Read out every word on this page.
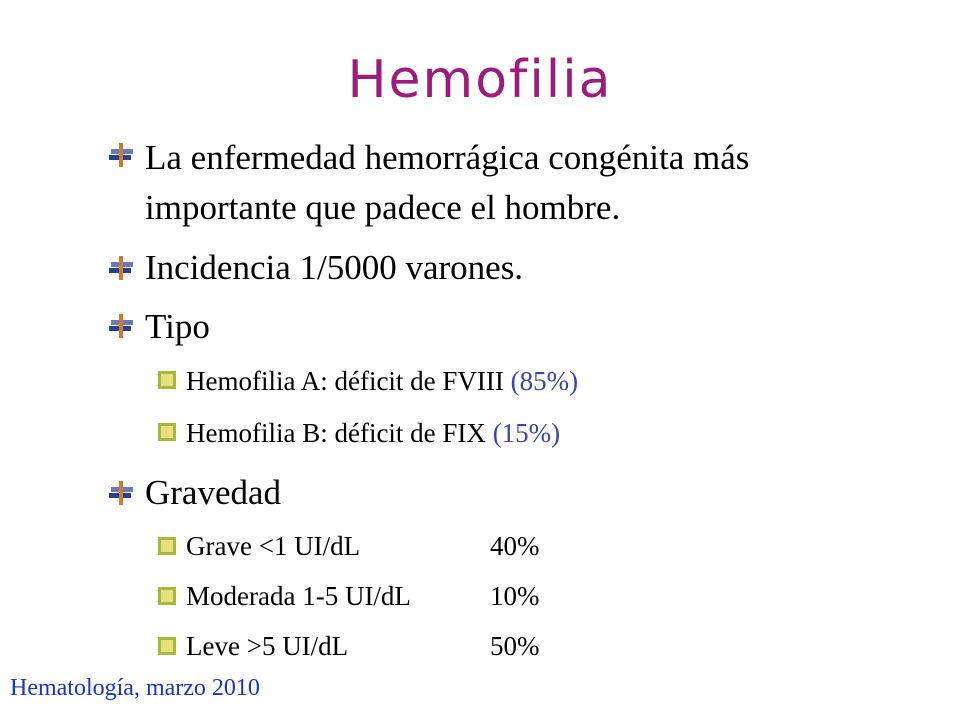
Hemofilia
La enfermedad hemorrágica congénita más
importante que padece el hombre.
Incidencia 1/5000 varones.
Tipo
Hemofilia A: déficit de FVIII (85%)
Hemofilia B: déficit de FIX (15%)
Gravedad
Grave <1 UI/dL	40%
Moderada 1-5 UI/dL	10%
Leve >5 UI/dL	50%
Hematología, marzo 2010
